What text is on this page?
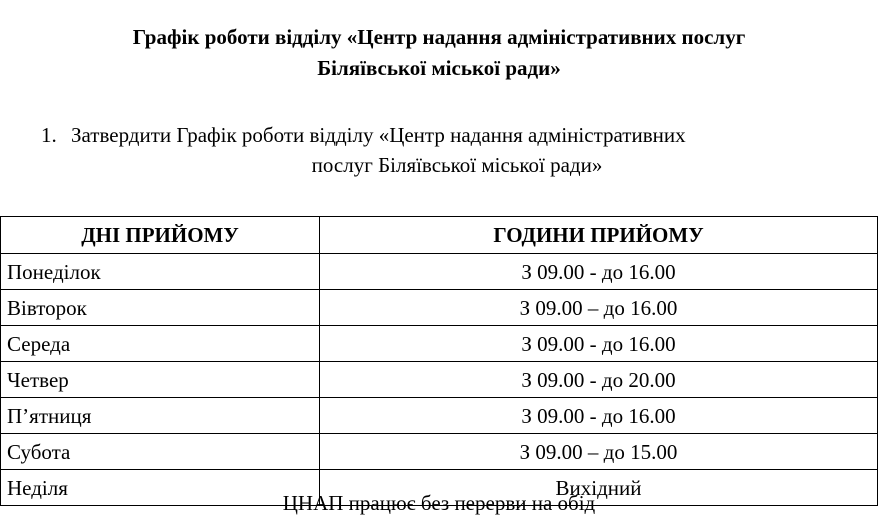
Графік роботи відділу «Центр надання адміністративних послуг
Біляївської міської ради»
1. Затвердити Графік роботи відділу «Центр надання адміністративних
послуг Біляївської міської ради»
ДНІ ПРИЙОМУ	ГОДИНИ ПРИЙОМУ
Понеділок	З 09.00 - до 16.00
Вівторок	З 09.00 – до 16.00
Середа	З 09.00 - до 16.00
Четвер	З 09.00 - до 20.00
П’ятниця	З 09.00 - до 16.00
Субота	З 09.00 – до 15.00
Неділя	Вихідний
ЦНАП працює без перерви на обід
